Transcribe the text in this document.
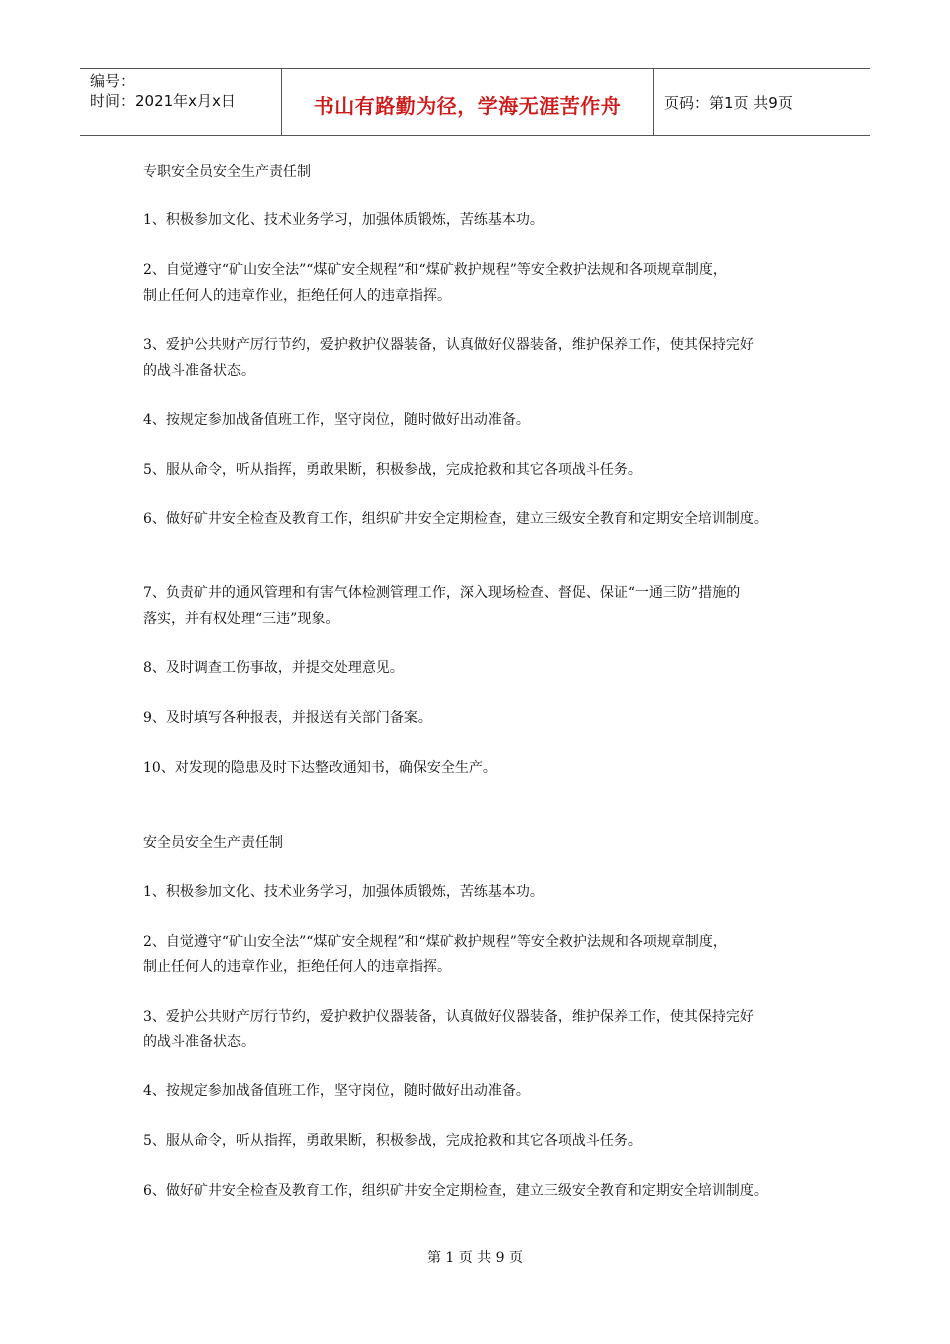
编号：
时间：2021年x月x日	书山有路勤为径，学海无涯苦作舟	页码：第1页 共9页
专职安全员安全生产责任制
1、积极参加文化、技术业务学习，加强体质锻炼，苦练基本功。
2、自觉遵守“矿山安全法”“煤矿安全规程”和“煤矿救护规程”等安全救护法规和各项规章制度，
制止任何人的违章作业，拒绝任何人的违章指挥。
3、爱护公共财产厉行节约，爱护救护仪器装备，认真做好仪器装备，维护保养工作，使其保持完好
的战斗准备状态。
4、按规定参加战备值班工作，坚守岗位，随时做好出动准备。
5、服从命令，听从指挥，勇敢果断，积极参战，完成抢救和其它各项战斗任务。
6、做好矿井安全检查及教育工作，组织矿井安全定期检查，建立三级安全教育和定期安全培训制度。
7、负责矿井的通风管理和有害气体检测管理工作，深入现场检查、督促、保证“一通三防”措施的
落实，并有权处理“三违”现象。
8、及时调查工伤事故，并提交处理意见。
9、及时填写各种报表，并报送有关部门备案。
10、对发现的隐患及时下达整改通知书，确保安全生产。
安全员安全生产责任制
1、积极参加文化、技术业务学习，加强体质锻炼，苦练基本功。
2、自觉遵守“矿山安全法”“煤矿安全规程”和“煤矿救护规程”等安全救护法规和各项规章制度，
制止任何人的违章作业，拒绝任何人的违章指挥。
3、爱护公共财产厉行节约，爱护救护仪器装备，认真做好仪器装备，维护保养工作，使其保持完好
的战斗准备状态。
4、按规定参加战备值班工作，坚守岗位，随时做好出动准备。
5、服从命令，听从指挥，勇敢果断，积极参战，完成抢救和其它各项战斗任务。
6、做好矿井安全检查及教育工作，组织矿井安全定期检查，建立三级安全教育和定期安全培训制度。
第 1 页 共 9 页
